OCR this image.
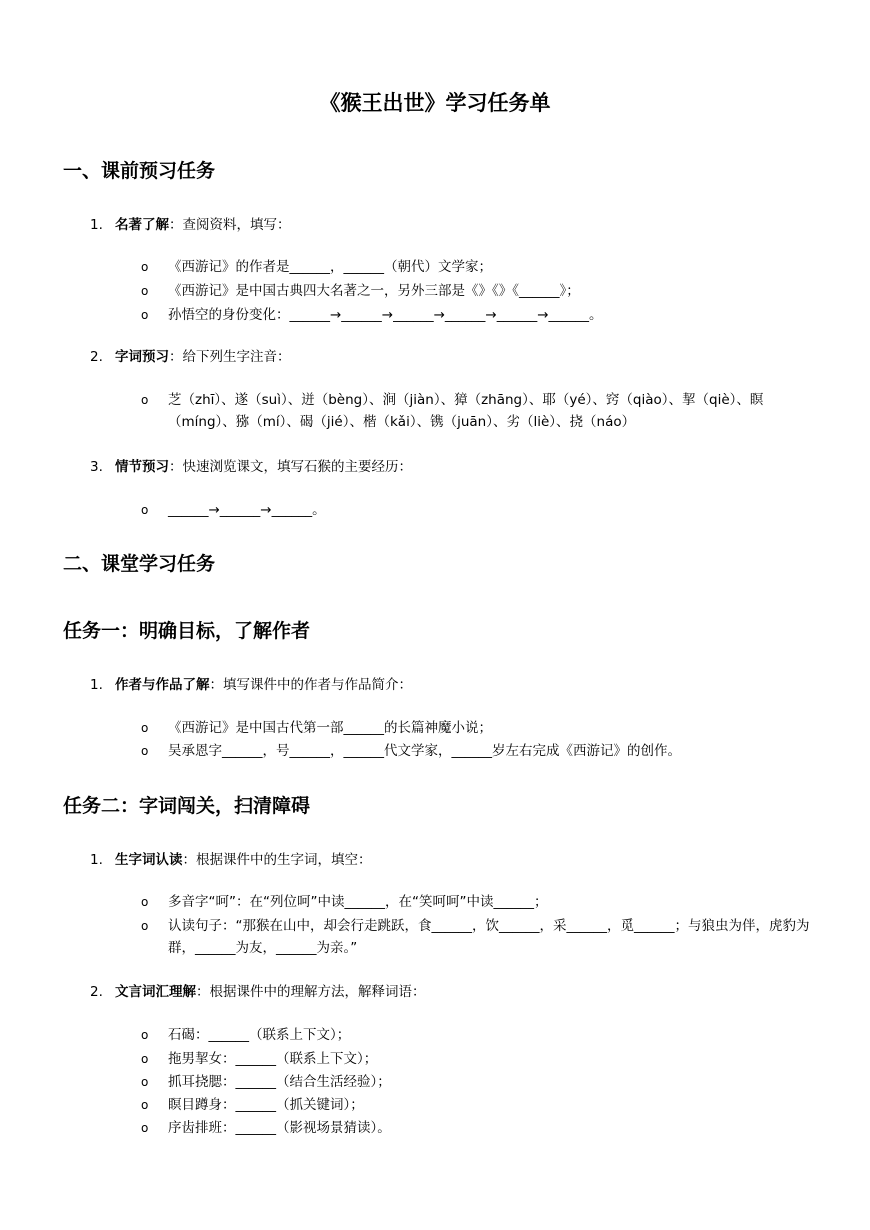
《猴王出世》学习任务单
一、课前预习任务
1. 名著了解：查阅资料，填写：
o 《西游记》的作者是______，______（朝代）文学家；
o 《西游记》是中国古典四大名著之一，另外三部是《》《》《______》；
o 孙悟空的身份变化：______→______→______→______→______→______。
2. 字词预习：给下列生字注音：
o	芝（zhī）、遂（suì）、迸（bèng）、涧（jiàn）、獐（zhāng）、耶（yé）、窍（qiào）、挈（qiè）、瞑（míng）、猕（mí）、碣（jié）、楷（kǎi）、镌（juān）、劣（liè）、挠（náo）
3. 情节预习：快速浏览课文，填写石猴的主要经历：
o ______→______→______。
二、课堂学习任务
任务一：明确目标，了解作者
1. 作者与作品了解：填写课件中的作者与作品简介：
o 《西游记》是中国古代第一部______的长篇神魔小说；
o 吴承恩字______，号______，______代文学家，______岁左右完成《西游记》的创作。
任务二：字词闯关，扫清障碍
1. 生字词认读：根据课件中的生字词，填空：
o 多音字“呵”：在“列位呵”中读______，在“笑呵呵”中读______；
o	认读句子：“那猴在山中，却会行走跳跃，食______，饮______，采______，觅______；与狼虫为伴，虎豹为群，______为友，______为亲。”
2. 文言词汇理解：根据课件中的理解方法，解释词语：
o 石碣：______（联系上下文）；
o 拖男挈女：______（联系上下文）；
o 抓耳挠腮：______（结合生活经验）；
o 瞑目蹲身：______（抓关键词）；
o 序齿排班：______（影视场景猜读）。
